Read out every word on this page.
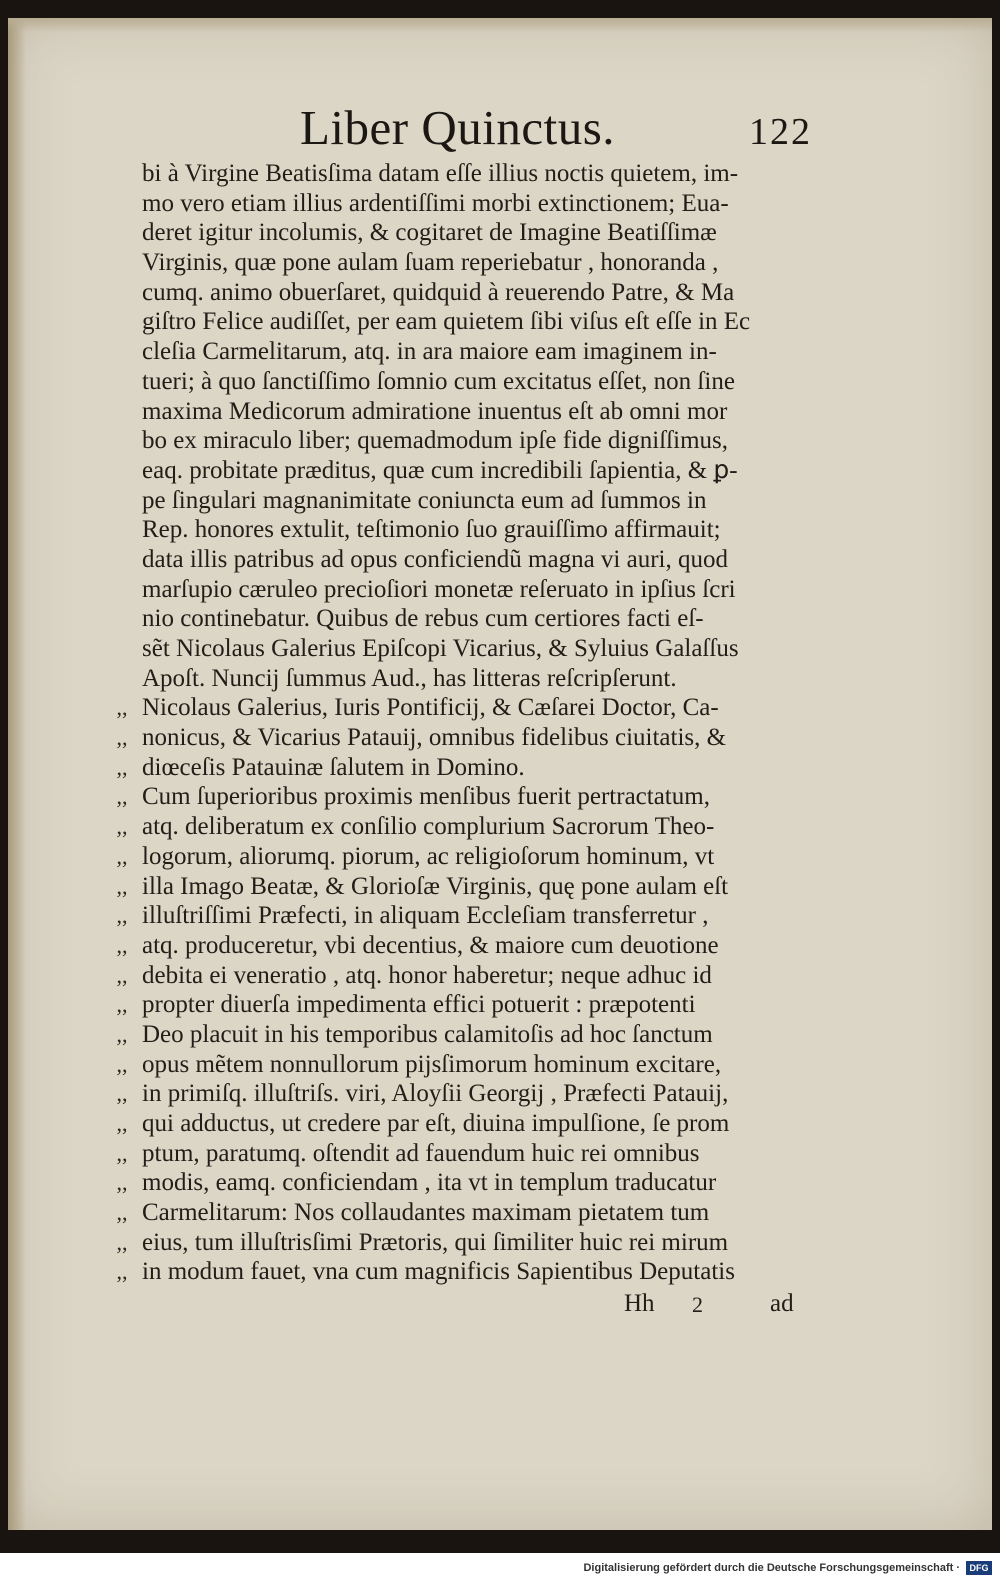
Liber Quinctus.	122
bi à Virgine Beatisſima datam eſſe illius noctis quietem, im-
mo vero etiam illius ardentiſſimi morbi extinctionem; Eua-
deret igitur incolumis, & cogitaret de Imagine Beatiſſimæ
Virginis, quæ pone aulam ſuam reperiebatur , honoranda ,
cumq. animo obuerſaret, quidquid à reuerendo Patre, & Ma
giſtro Felice audiſſet, per eam quietem ſibi viſus eſt eſſe in Ec
cleſia Carmelitarum, atq. in ara maiore eam imaginem in-
tueri; à quo ſanctiſſimo ſomnio cum excitatus eſſet, non ſine
maxima Medicorum admiratione inuentus eſt ab omni mor
bo ex miraculo liber; quemadmodum ipſe fide digniſſimus,
eaq. probitate prӕditus, quӕ cum incredibili ſapientia, & ꝑ-
pe ſingulari magnanimitate coniuncta eum ad ſummos in
Rep. honores extulit, teſtimonio ſuo grauiſſimo affirmauit;
data illis patribus ad opus conficiendũ magna vi auri, quod
marſupio cӕruleo precioſiori monetӕ reſeruato in ipſius ſcri
nio continebatur. Quibus de rebus cum certiores facti eſ-
sẽt Nicolaus Galerius Epiſcopi Vicarius, & Syluius Galaſſus
Apoſt. Nuncij ſummus Aud., has litteras reſcripſerunt.
,, Nicolaus Galerius, Iuris Pontificij, & Cӕſarei Doctor, Ca-
,, nonicus, & Vicarius Patauij, omnibus fidelibus ciuitatis, &
,, diœceſis Patauinӕ ſalutem in Domino.
,, Cum ſuperioribus proximis menſibus fuerit pertractatum,
,, atq. deliberatum ex conſilio complurium Sacrorum Theo-
,, logorum, aliorumq. piorum, ac religioſorum hominum, vt
,, illa Imago Beatӕ, & Glorioſӕ Virginis, quę pone aulam eſt
,, illuſtriſſimi Prӕfecti, in aliquam Eccleſiam transferretur ,
,, atq. produceretur, vbi decentius, & maiore cum deuotione
,, debita ei veneratio , atq. honor haberetur; neque adhuc id
,, propter diuerſa impedimenta effici potuerit : prӕpotenti
,, Deo placuit in his temporibus calamitoſis ad hoc ſanctum
,, opus mẽtem nonnullorum pijsſimorum hominum excitare,
,, in primiſq. illuſtriſs. viri, Aloyſii Georgij , Prӕfecti Patauij,
,, qui adductus, ut credere par eſt, diuina impulſione, ſe prom
,, ptum, paratumq. oſtendit ad fauendum huic rei omnibus
,, modis, eamq. conficiendam , ita vt in templum traducatur
,, Carmelitarum: Nos collaudantes maximam pietatem tum
,, eius, tum illuſtrisſimi Prӕtoris, qui ſimiliter huic rei mirum
,, in modum fauet, vna cum magnificis Sapientibus Deputatis
Hh 2	ad
Digitalisierung gefördert durch die Deutsche Forschungsgemeinschaft ·	DFG
